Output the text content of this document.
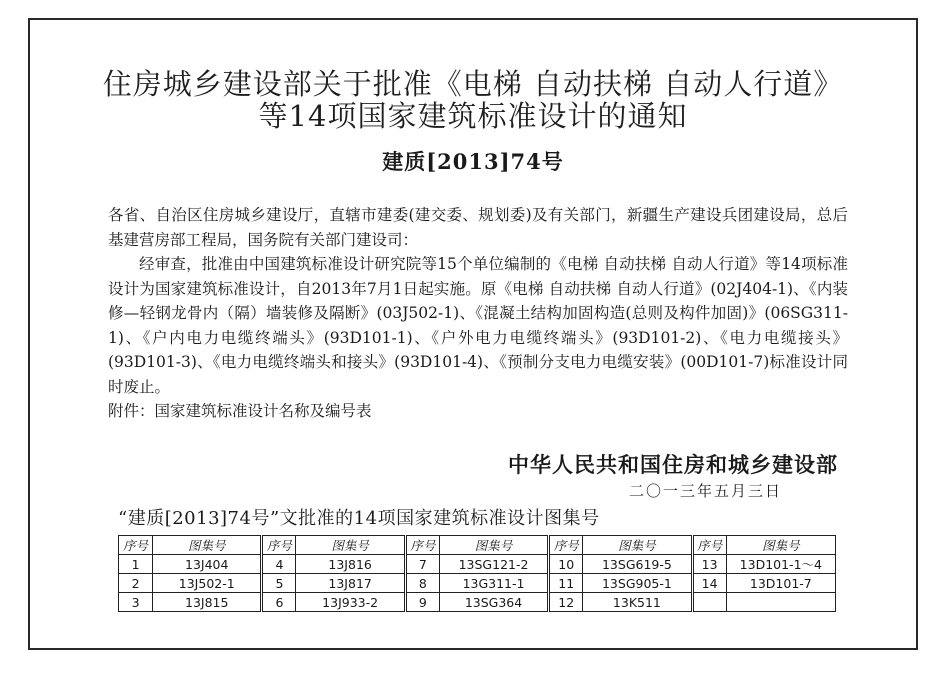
住房城乡建设部关于批准《电梯 自动扶梯 自动人行道》
等14项国家建筑标准设计的通知
建质[2013]74号

各省、自治区住房城乡建设厅，直辖市建委(建交委、规划委)及有关部门，新疆生产建设兵团建设局，总后基建营房部工程局，国务院有关部门建设司：

经审查，批准由中国建筑标准设计研究院等15个单位编制的《电梯 自动扶梯 自动人行道》等14项标准设计为国家建筑标准设计，自2013年7月1日起实施。原《电梯 自动扶梯 自动人行道》(02J404-1)、《内装修—轻钢龙骨内（隔）墙装修及隔断》(03J502-1)、《混凝土结构加固构造(总则及构件加固)》(06SG311-1)、《户内电力电缆终端头》(93D101-1)、《户外电力电缆终端头》(93D101-2)、《电力电缆接头》(93D101-3)、《电力电缆终端头和接头》(93D101-4)、《预制分支电力电缆安装》(00D101-7)标准设计同时废止。

附件：国家建筑标准设计名称及编号表

中华人民共和国住房和城乡建设部
二〇一三年五月三日
“建质[2013]74号”文批准的14项国家建筑标准设计图集号
序号	图集号	序号	图集号	序号	图集号	序号	图集号	序号	图集号
1	13J404	4	13J816	7	13SG121-2	10	13SG619-5	13	13D101-1～4
2	13J502-1	5	13J817	8	13G311-1	11	13SG905-1	14	13D101-7
3	13J815	6	13J933-2	9	13SG364	12	13K511		
